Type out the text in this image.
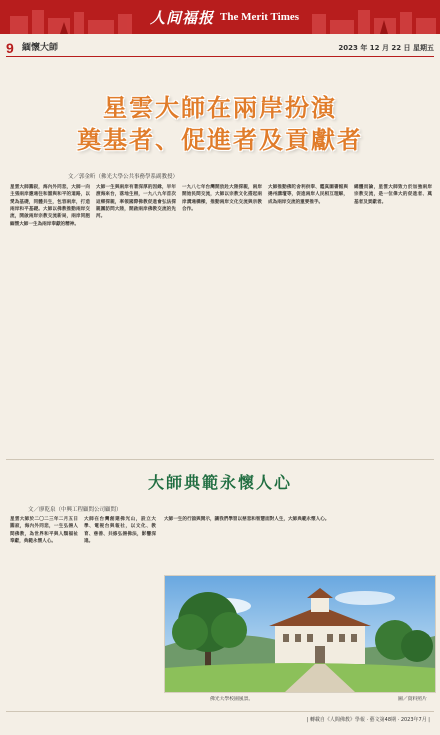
人间福报 The Merit Times
9 緬懷大師	2023 年 12 月 22 日 星期五
星雲大師在兩岸扮演
奠基者、促進者及貢獻者
文／郭金昕（佛光大學公共事務學系副教授）
星雲大師圓寂，海內外同悲，大師一向主張兩岸應通往和諧與和平的道路，以愛為基礎，同體共生，包容兩岸，打造兩岸和平基礎。大師以佛教推動兩岸交流，開啟兩岸宗教交流新局，兩岸同胞緬懷大師一生為兩岸奉獻的精神。
大師一生與兩岸有著深厚的因緣，早年渡海來台，落地生根，一九八九年首次返鄉探親，率領國際佛教促進會弘法探親團訪問大陸，開啟兩岸佛教交流的先河。
一九八七年台灣開放赴大陸探親，兩岸開始民間交流，大師以宗教文化搭起兩岸溝通橋樑，推動兩岸文化交流與宗教合作。
大師推動佛陀舍利供奉、鑑真圖書館與揚州講壇等，促進兩岸人民相互理解，成為兩岸交流的重要推手。
總體而論，星雲大師致力於加強兩岸宗教交流，是一位偉大的促進者、奠基者及貢獻者。
大師典範永懷人心
文／廖乾泉（中興工程顧問公司顧問）
星雲大師於二〇二三年二月五日圓寂，海內外同悲，一生弘揚人間佛教，為世界和平與人類福祉奉獻，典範永懷人心。
大師在台灣創建佛光山，設立大學、電視台與報社，以文化、教育、慈善、共修弘揚佛法，影響深遠。
大師一生的行誼與開示，讓我們學習以慈悲和智慧面對人生，大師典範永懷人心。
佛光大學校園風景。	圖／資料照片
| 轉載自《人間佛教》學報 · 藝文第48期 · 2023年7月 |
